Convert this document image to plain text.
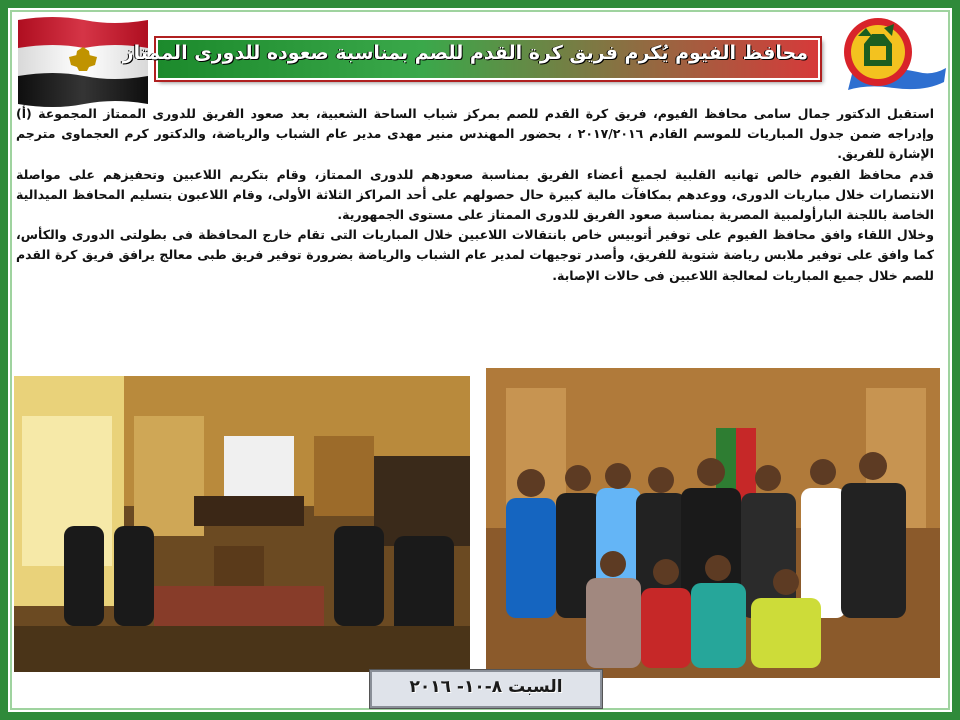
محافظ الفيوم يُكرم فريق كرة القدم للصم بمناسبة صعوده للدورى الممتاز

استقبل الدكتور جمال سامى محافظ الفيوم، فريق كرة القدم للصم بمركز شباب الساحة الشعبية، بعد صعود الفريق للدورى الممتاز المجموعة (أ) وإدراجه ضمن جدول المباريات للموسم القادم ٢٠١٧/٢٠١٦ ، بحضور المهندس منير مهدى مدير عام الشباب والرياضة، والدكتور كرم العجماوى مترجم الإشارة للفريق.

قدم محافظ الفيوم خالص تهانيه القلبية لجميع أعضاء الفريق بمناسبة صعودهم للدورى الممتاز، وقام بتكريم اللاعبين وتحفيزهم على مواصلة الانتصارات خلال مباريات الدورى، ووعدهم بمكافآت مالية كبيرة حال حصولهم على أحد المراكز الثلاثة الأولى، وقام اللاعبون بتسليم المحافظ الميدالية الخاصة باللجنة البارأولمبية المصرية بمناسبة صعود الفريق للدورى الممتاز على مستوى الجمهورية.

وخلال اللقاء وافق محافظ الفيوم على توفير أتوبيس خاص بانتقالات اللاعبين خلال المباريات التى تقام خارج المحافظة فى بطولتى الدورى والكأس، كما وافق على توفير ملابس رياضة شتوية للفريق، وأصدر توجيهات لمدير عام الشباب والرياضة بضرورة توفير فريق طبى معالج يرافق فريق كرة القدم للصم خلال جميع المباريات لمعالجة اللاعبين فى حالات الإصابة.

السبت ٨-١٠- ٢٠١٦
